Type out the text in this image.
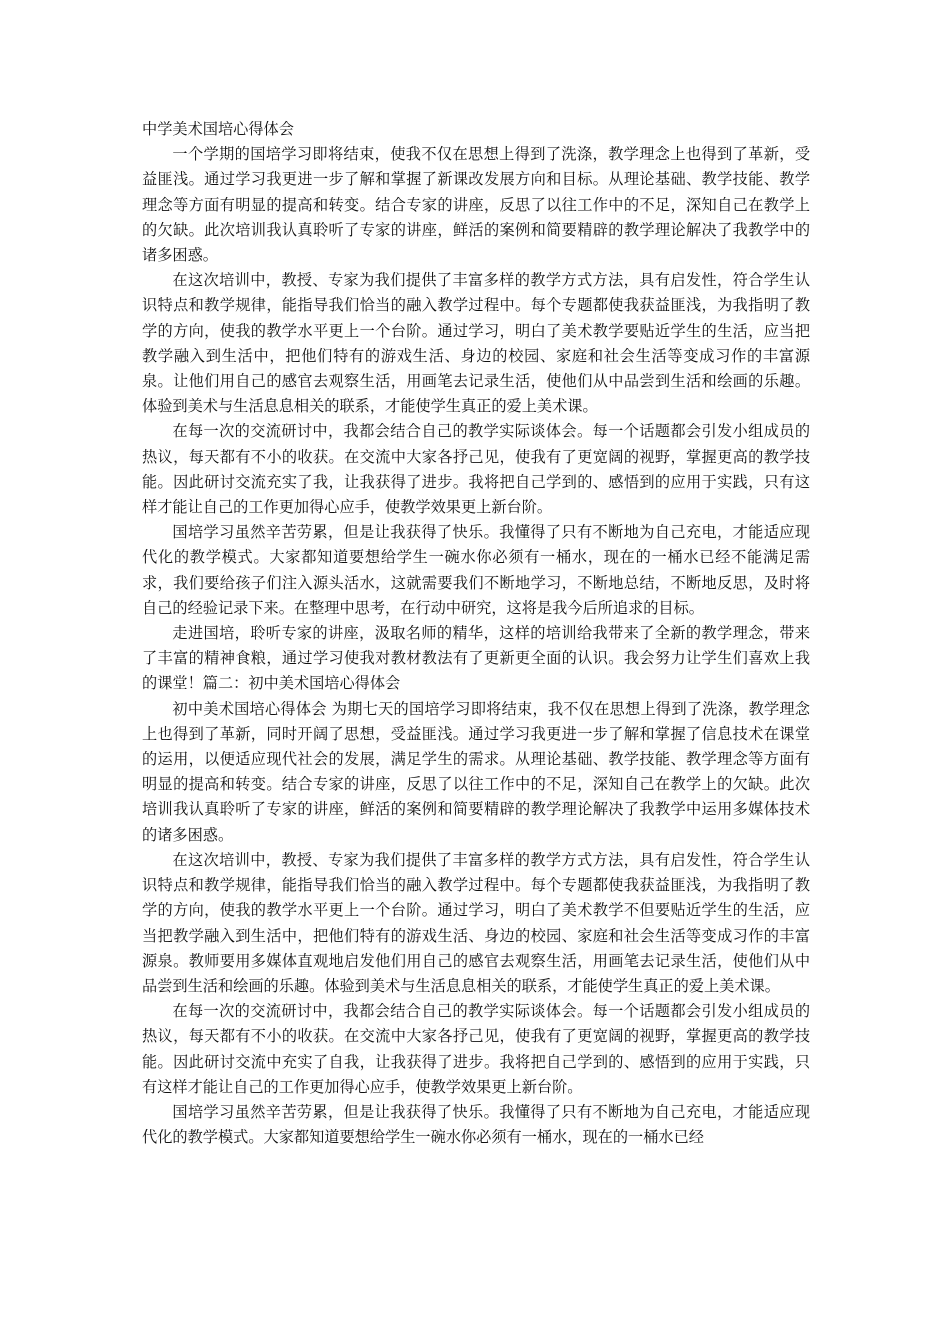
中学美术国培心得体会

一个学期的国培学习即将结束，使我不仅在思想上得到了洗涤，教学理念上也得到了革新，受益匪浅。通过学习我更进一步了解和掌握了新课改发展方向和目标。从理论基础、教学技能、教学理念等方面有明显的提高和转变。结合专家的讲座，反思了以往工作中的不足，深知自己在教学上的欠缺。此次培训我认真聆听了专家的讲座，鲜活的案例和简要精辟的教学理论解决了我教学中的诸多困惑。

在这次培训中，教授、专家为我们提供了丰富多样的教学方式方法，具有启发性，符合学生认识特点和教学规律，能指导我们恰当的融入教学过程中。每个专题都使我获益匪浅，为我指明了教学的方向，使我的教学水平更上一个台阶。通过学习，明白了美术教学要贴近学生的生活，应当把教学融入到生活中，把他们特有的游戏生活、身边的校园、家庭和社会生活等变成习作的丰富源泉。让他们用自己的感官去观察生活，用画笔去记录生活，使他们从中品尝到生活和绘画的乐趣。体验到美术与生活息息相关的联系，才能使学生真正的爱上美术课。

在每一次的交流研讨中，我都会结合自己的教学实际谈体会。每一个话题都会引发小组成员的热议，每天都有不小的收获。在交流中大家各抒己见，使我有了更宽阔的视野，掌握更高的教学技能。因此研讨交流充实了我，让我获得了进步。我将把自己学到的、感悟到的应用于实践，只有这样才能让自己的工作更加得心应手，使教学效果更上新台阶。

国培学习虽然辛苦劳累，但是让我获得了快乐。我懂得了只有不断地为自己充电，才能适应现代化的教学模式。大家都知道要想给学生一碗水你必须有一桶水，现在的一桶水已经不能满足需求，我们要给孩子们注入源头活水，这就需要我们不断地学习，不断地总结，不断地反思，及时将自己的经验记录下来。在整理中思考，在行动中研究，这将是我今后所追求的目标。

走进国培，聆听专家的讲座，汲取名师的精华，这样的培训给我带来了全新的教学理念，带来了丰富的精神食粮，通过学习使我对教材教法有了更新更全面的认识。我会努力让学生们喜欢上我的课堂！篇二：初中美术国培心得体会

初中美术国培心得体会 为期七天的国培学习即将结束，我不仅在思想上得到了洗涤，教学理念上也得到了革新，同时开阔了思想，受益匪浅。通过学习我更进一步了解和掌握了信息技术在课堂的运用，以便适应现代社会的发展，满足学生的需求。从理论基础、教学技能、教学理念等方面有明显的提高和转变。结合专家的讲座，反思了以往工作中的不足，深知自己在教学上的欠缺。此次培训我认真聆听了专家的讲座，鲜活的案例和简要精辟的教学理论解决了我教学中运用多媒体技术的诸多困惑。

在这次培训中，教授、专家为我们提供了丰富多样的教学方式方法，具有启发性，符合学生认识特点和教学规律，能指导我们恰当的融入教学过程中。每个专题都使我获益匪浅，为我指明了教学的方向，使我的教学水平更上一个台阶。通过学习，明白了美术教学不但要贴近学生的生活，应当把教学融入到生活中，把他们特有的游戏生活、身边的校园、家庭和社会生活等变成习作的丰富源泉。教师要用多媒体直观地启发他们用自己的感官去观察生活，用画笔去记录生活，使他们从中品尝到生活和绘画的乐趣。体验到美术与生活息息相关的联系，才能使学生真正的爱上美术课。

在每一次的交流研讨中，我都会结合自己的教学实际谈体会。每一个话题都会引发小组成员的热议，每天都有不小的收获。在交流中大家各抒己见，使我有了更宽阔的视野，掌握更高的教学技能。因此研讨交流中充实了自我，让我获得了进步。我将把自己学到的、感悟到的应用于实践，只有这样才能让自己的工作更加得心应手，使教学效果更上新台阶。

国培学习虽然辛苦劳累，但是让我获得了快乐。我懂得了只有不断地为自己充电，才能适应现代化的教学模式。大家都知道要想给学生一碗水你必须有一桶水，现在的一桶水已经
